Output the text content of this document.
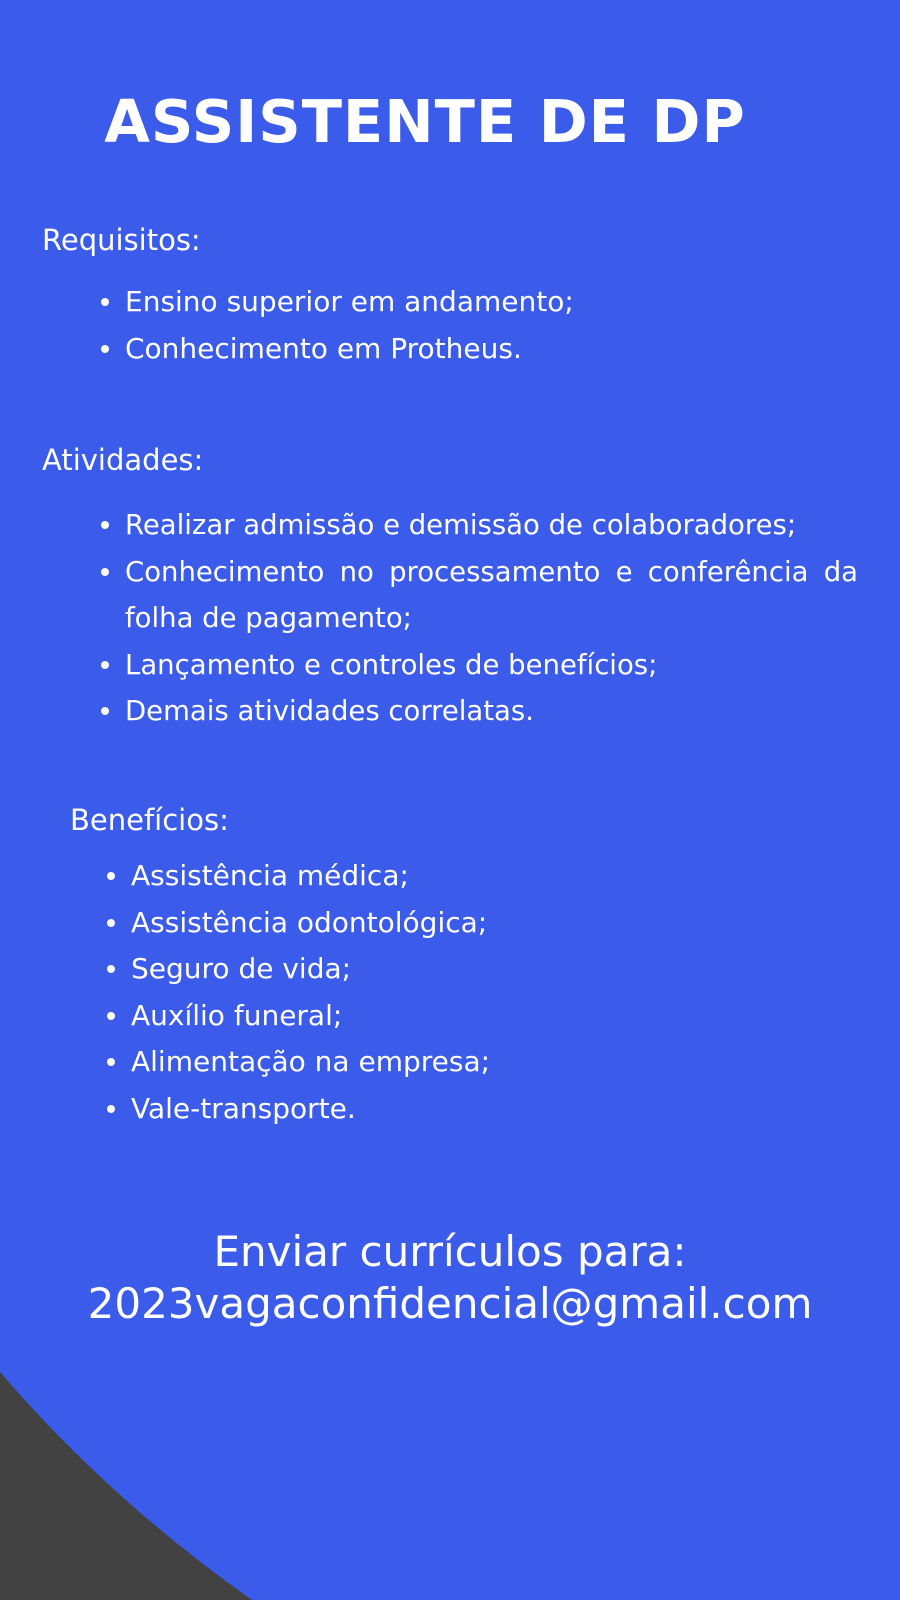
ASSISTENTE DE DP
Requisitos:
Ensino superior em andamento;
Conhecimento em Protheus.
Atividades:
Realizar admissão e demissão de colaboradores;
Conhecimento no processamento e conferência da folha de pagamento;
Lançamento e controles de benefícios;
Demais atividades correlatas.
Benefícios:
Assistência médica;
Assistência odontológica;
Seguro de vida;
Auxílio funeral;
Alimentação na empresa;
Vale-transporte.

Enviar currículos para:

2023vagaconfidencial@gmail.com
